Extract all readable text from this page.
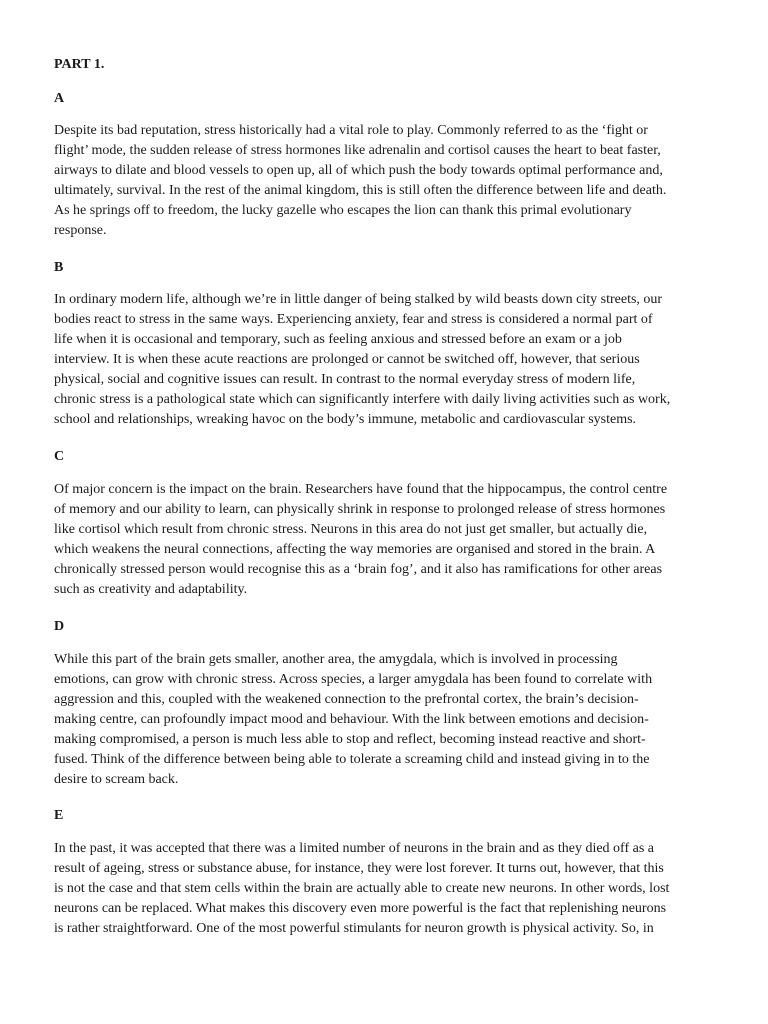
PART 1.

A

Despite its bad reputation, stress historically had a vital role to play. Commonly referred to as the ‘fight or
flight’ mode, the sudden release of stress hormones like adrenalin and cortisol causes the heart to beat faster,
airways to dilate and blood vessels to open up, all of which push the body towards optimal performance and,
ultimately, survival. In the rest of the animal kingdom, this is still often the difference between life and death.
As he springs off to freedom, the lucky gazelle who escapes the lion can thank this primal evolutionary
response.

B

In ordinary modern life, although we’re in little danger of being stalked by wild beasts down city streets, our
bodies react to stress in the same ways. Experiencing anxiety, fear and stress is considered a normal part of
life when it is occasional and temporary, such as feeling anxious and stressed before an exam or a job
interview. It is when these acute reactions are prolonged or cannot be switched off, however, that serious
physical, social and cognitive issues can result. In contrast to the normal everyday stress of modern life,
chronic stress is a pathological state which can significantly interfere with daily living activities such as work,
school and relationships, wreaking havoc on the body’s immune, metabolic and cardiovascular systems.

C

Of major concern is the impact on the brain. Researchers have found that the hippocampus, the control centre
of memory and our ability to learn, can physically shrink in response to prolonged release of stress hormones
like cortisol which result from chronic stress. Neurons in this area do not just get smaller, but actually die,
which weakens the neural connections, affecting the way memories are organised and stored in the brain. A
chronically stressed person would recognise this as a ‘brain fog’, and it also has ramifications for other areas
such as creativity and adaptability.

D

While this part of the brain gets smaller, another area, the amygdala, which is involved in processing
emotions, can grow with chronic stress. Across species, a larger amygdala has been found to correlate with
aggression and this, coupled with the weakened connection to the prefrontal cortex, the brain’s decision-
making centre, can profoundly impact mood and behaviour. With the link between emotions and decision-
making compromised, a person is much less able to stop and reflect, becoming instead reactive and short-
fused. Think of the difference between being able to tolerate a screaming child and instead giving in to the
desire to scream back.

E

In the past, it was accepted that there was a limited number of neurons in the brain and as they died off as a
result of ageing, stress or substance abuse, for instance, they were lost forever. It turns out, however, that this
is not the case and that stem cells within the brain are actually able to create new neurons. In other words, lost
neurons can be replaced. What makes this discovery even more powerful is the fact that replenishing neurons
is rather straightforward. One of the most powerful stimulants for neuron growth is physical activity. So, in
